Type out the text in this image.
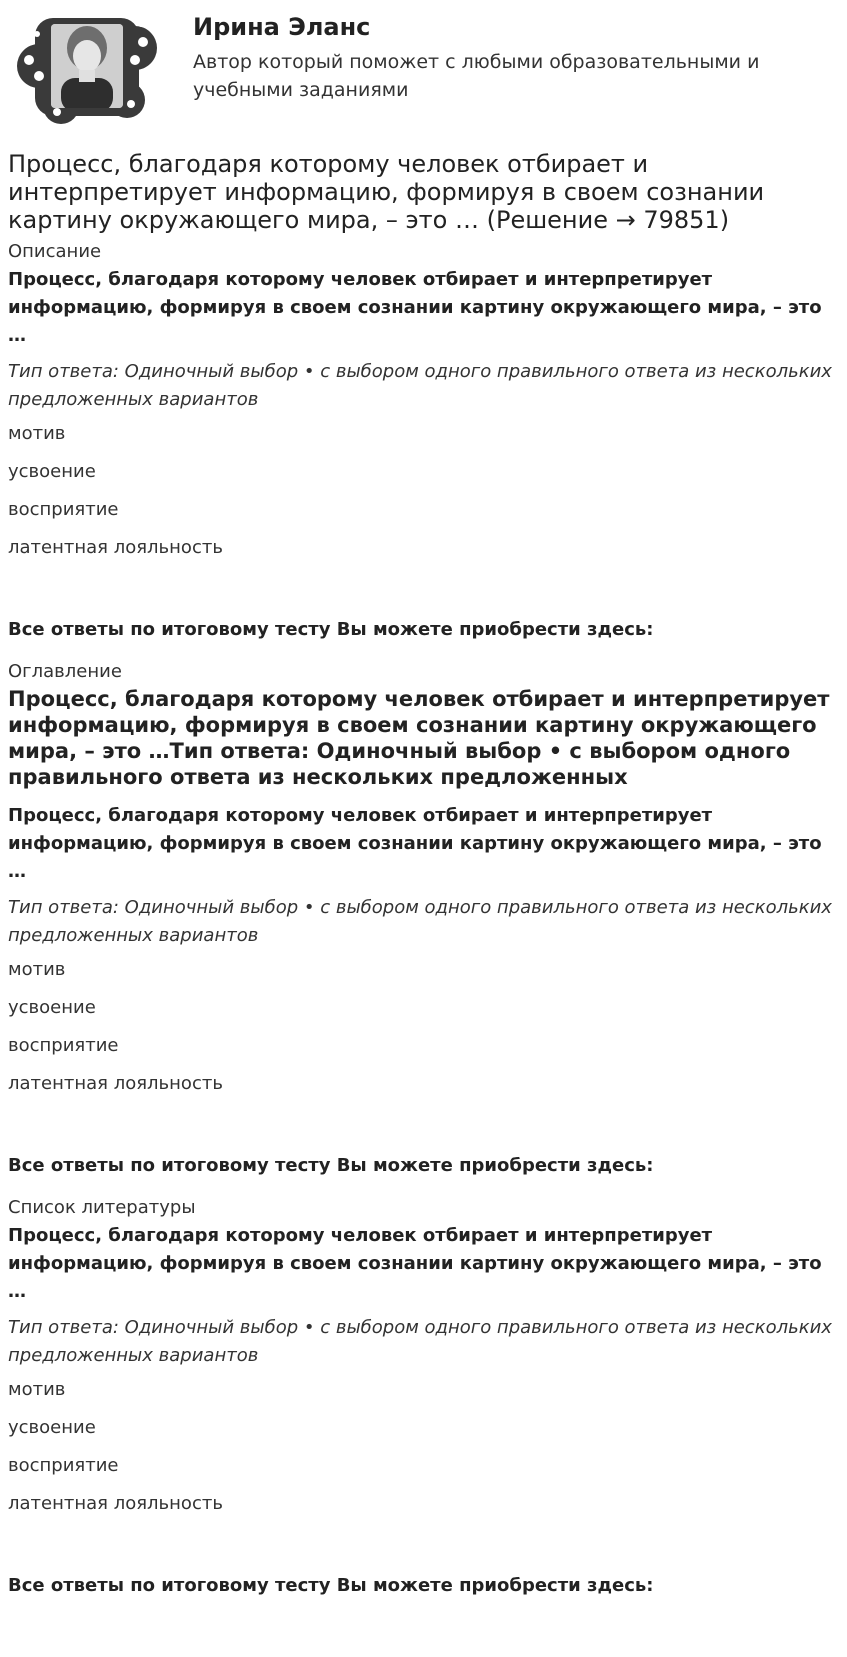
Ирина Эланс

Автор который поможет с любыми образовательными и учебными заданиями

Процесс, благодаря которому человек отбирает и интерпретирует информацию, формируя в своем сознании картину окружающего мира, – это … (Решение → 79851)
Описание

Процесс, благодаря которому человек отбирает и интерпретирует информацию, формируя в своем сознании картину окружающего мира, – это …

Тип ответа: Одиночный выбор • с выбором одного правильного ответа из нескольких предложенных вариантов

мотив

усвоение

восприятие

латентная лояльность

Все ответы по итоговому тесту Вы можете приобрести здесь:

Оглавление
Процесс, благодаря которому человек отбирает и интерпретирует информацию, формируя в своем сознании картину окружающего мира, – это …Тип ответа: Одиночный выбор • с выбором одного правильного ответа из нескольких предложенных

Процесс, благодаря которому человек отбирает и интерпретирует информацию, формируя в своем сознании картину окружающего мира, – это …

Тип ответа: Одиночный выбор • с выбором одного правильного ответа из нескольких предложенных вариантов

мотив

усвоение

восприятие

латентная лояльность

Все ответы по итоговому тесту Вы можете приобрести здесь:

Список литературы

Процесс, благодаря которому человек отбирает и интерпретирует информацию, формируя в своем сознании картину окружающего мира, – это …

Тип ответа: Одиночный выбор • с выбором одного правильного ответа из нескольких предложенных вариантов

мотив

усвоение

восприятие

латентная лояльность

Все ответы по итоговому тесту Вы можете приобрести здесь:
